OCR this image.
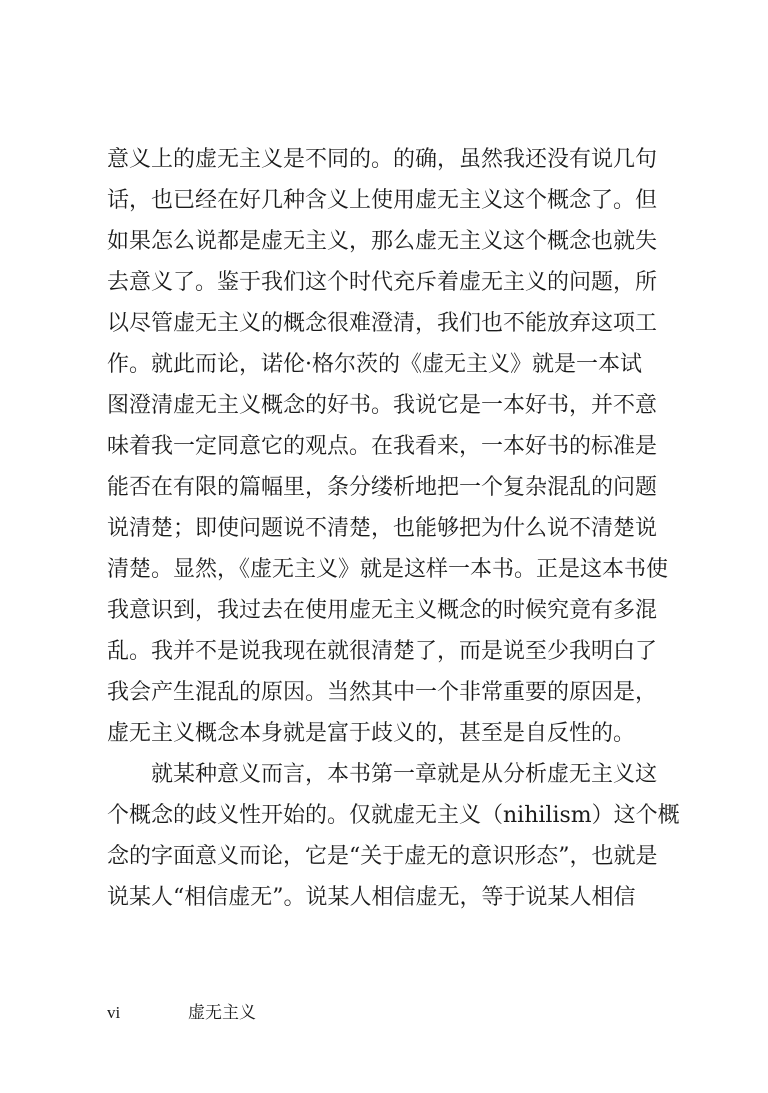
意义上的虚无主义是不同的。的确，虽然我还没有说几句
话，也已经在好几种含义上使用虚无主义这个概念了。但
如果怎么说都是虚无主义，那么虚无主义这个概念也就失
去意义了。鉴于我们这个时代充斥着虚无主义的问题，所
以尽管虚无主义的概念很难澄清，我们也不能放弃这项工
作。就此而论，诺伦·格尔茨的《虚无主义》就是一本试
图澄清虚无主义概念的好书。我说它是一本好书，并不意
味着我一定同意它的观点。在我看来，一本好书的标准是
能否在有限的篇幅里，条分缕析地把一个复杂混乱的问题
说清楚；即使问题说不清楚，也能够把为什么说不清楚说
清楚。显然，《虚无主义》就是这样一本书。正是这本书使
我意识到，我过去在使用虚无主义概念的时候究竟有多混
乱。我并不是说我现在就很清楚了，而是说至少我明白了
我会产生混乱的原因。当然其中一个非常重要的原因是，
虚无主义概念本身就是富于歧义的，甚至是自反性的。
就某种意义而言，本书第一章就是从分析虚无主义这
个概念的歧义性开始的。仅就虚无主义（nihilism）这个概
念的字面意义而论，它是“关于虚无的意识形态”，也就是
说某人“相信虚无”。说某人相信虚无，等于说某人相信
vi	虚无主义
